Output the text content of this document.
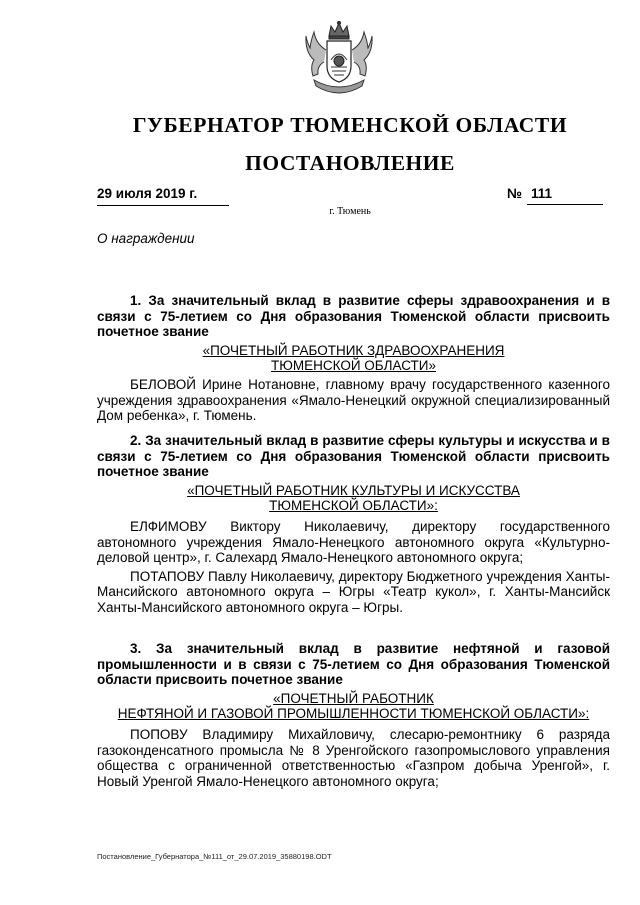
ГУБЕРНАТОР ТЮМЕНСКОЙ ОБЛАСТИ
ПОСТАНОВЛЕНИЕ
29 июля 2019 г.	№ 111
г. Тюмень
О награждении

1. За значительный вклад в развитие сферы здравоохранения и в связи с 75-летием со Дня образования Тюменской области присвоить почетное звание

«ПОЧЕТНЫЙ РАБОТНИК ЗДРАВООХРАНЕНИЯ
ТЮМЕНСКОЙ ОБЛАСТИ»

БЕЛОВОЙ Ирине Нотановне, главному врачу государственного казенного учреждения здравоохранения «Ямало-Ненецкий окружной специализированный Дом ребенка», г. Тюмень.

2. За значительный вклад в развитие сферы культуры и искусства и в связи с 75-летием со Дня образования Тюменской области присвоить почетное звание

«ПОЧЕТНЫЙ РАБОТНИК КУЛЬТУРЫ И ИСКУССТВА
ТЮМЕНСКОЙ ОБЛАСТИ»:

ЕЛФИМОВУ Виктору Николаевичу, директору государственного автономного учреждения Ямало-Ненецкого автономного округа «Культурно-деловой центр», г. Салехард Ямало-Ненецкого автономного округа;

ПОТАПОВУ Павлу Николаевичу, директору Бюджетного учреждения Ханты-Мансийского автономного округа – Югры «Театр кукол», г. Ханты-Мансийск Ханты-Мансийского автономного округа – Югры.

3. За значительный вклад в развитие нефтяной и газовой промышленности и в связи с 75-летием со Дня образования Тюменской области присвоить почетное звание

«ПОЧЕТНЫЙ РАБОТНИК
НЕФТЯНОЙ И ГАЗОВОЙ ПРОМЫШЛЕННОСТИ ТЮМЕНСКОЙ ОБЛАСТИ»:

ПОПОВУ Владимиру Михайловичу, слесарю-ремонтнику 6 разряда газоконденсатного промысла № 8 Уренгойского газопромыслового управления общества с ограниченной ответственностью «Газпром добыча Уренгой», г. Новый Уренгой Ямало-Ненецкого автономного округа;

Постановление_Губернатора_№111_от_29.07.2019_35880198.ODT
